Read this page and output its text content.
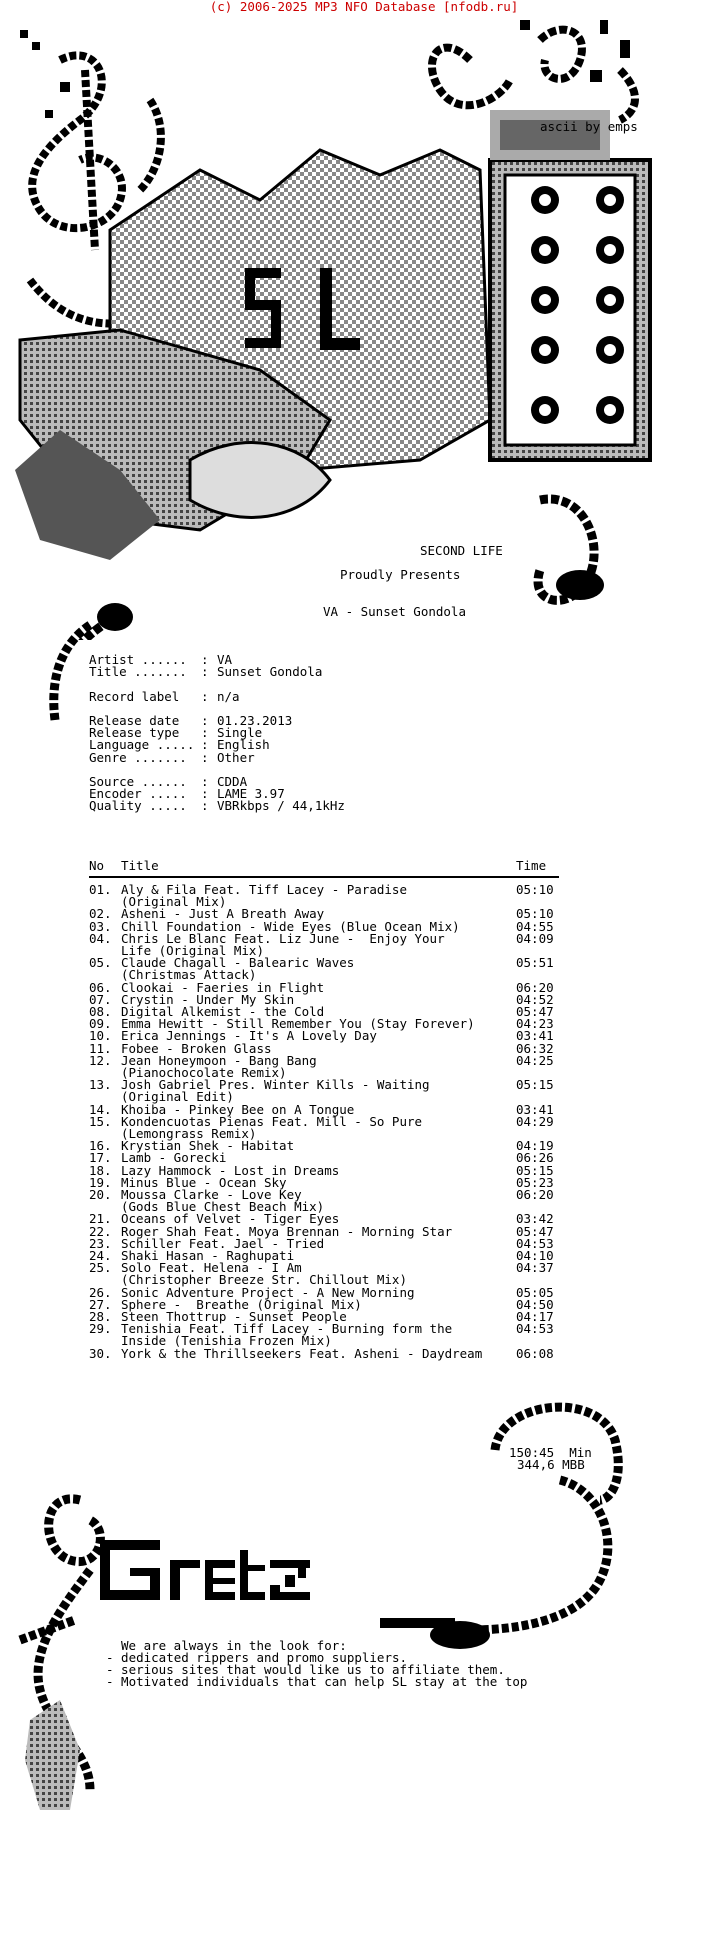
(c) 2006-2025 MP3 NFO Database [nfodb.ru]
ascii by emps
SECOND LIFE
Proudly Presents
VA - Sunset Gondola
Artist ...... : VA
Title ....... : Sunset Gondola
Record label : n/a
Release date : 01.23.2013
Release type : Single
Language ..... : English
Genre ....... : Other
Source ...... : CDDA
Encoder ..... : LAME 3.97
Quality ..... : VBRkbps / 44,1kHz
No Title	Time
01. Aly & Fila Feat. Tiff Lacey - Paradise	05:10
(Original Mix)
02. Asheni - Just A Breath Away	05:10
03. Chill Foundation - Wide Eyes (Blue Ocean Mix)	04:55
04. Chris Le Blanc Feat. Liz June -  Enjoy Your	04:09
Life (Original Mix)
05. Claude Chagall - Balearic Waves	05:51
(Christmas Attack)
06. Clookai - Faeries in Flight	06:20
07. Crystin - Under My Skin	04:52
08. Digital Alkemist - the Cold	05:47
09. Emma Hewitt - Still Remember You (Stay Forever)	04:23
10. Erica Jennings - It's A Lovely Day	03:41
11. Fobee - Broken Glass	06:32
12. Jean Honeymoon - Bang Bang	04:25
(Pianochocolate Remix)
13. Josh Gabriel Pres. Winter Kills - Waiting	05:15
(Original Edit)
14. Khoiba - Pinkey Bee on A Tongue	03:41
15. Kondencuotas Pienas Feat. Mill - So Pure	04:29
(Lemongrass Remix)
16. Krystian Shek - Habitat	04:19
17. Lamb - Gorecki	06:26
18. Lazy Hammock - Lost in Dreams	05:15
19. Minus Blue - Ocean Sky	05:23
20. Moussa Clarke - Love Key	06:20
(Gods Blue Chest Beach Mix)
21. Oceans of Velvet - Tiger Eyes	03:42
22. Roger Shah Feat. Moya Brennan - Morning Star	05:47
23. Schiller Feat. Jael - Tried	04:53
24. Shaki Hasan - Raghupati	04:10
25. Solo Feat. Helena - I Am	04:37
(Christopher Breeze Str. Chillout Mix)
26. Sonic Adventure Project - A New Morning	05:05
27. Sphere -  Breathe (Original Mix)	04:50
28. Steen Thottrup - Sunset People	04:17
29. Tenishia Feat. Tiff Lacey - Burning form the	04:53
Inside (Tenishia Frozen Mix)
30. York & the Thrillseekers Feat. Asheni - Daydream	06:08
150:45  Min
344,6 MBB
We are always in the look for:
- dedicated rippers and promo suppliers.
- serious sites that would like us to affiliate them.
- Motivated individuals that can help SL stay at the top
